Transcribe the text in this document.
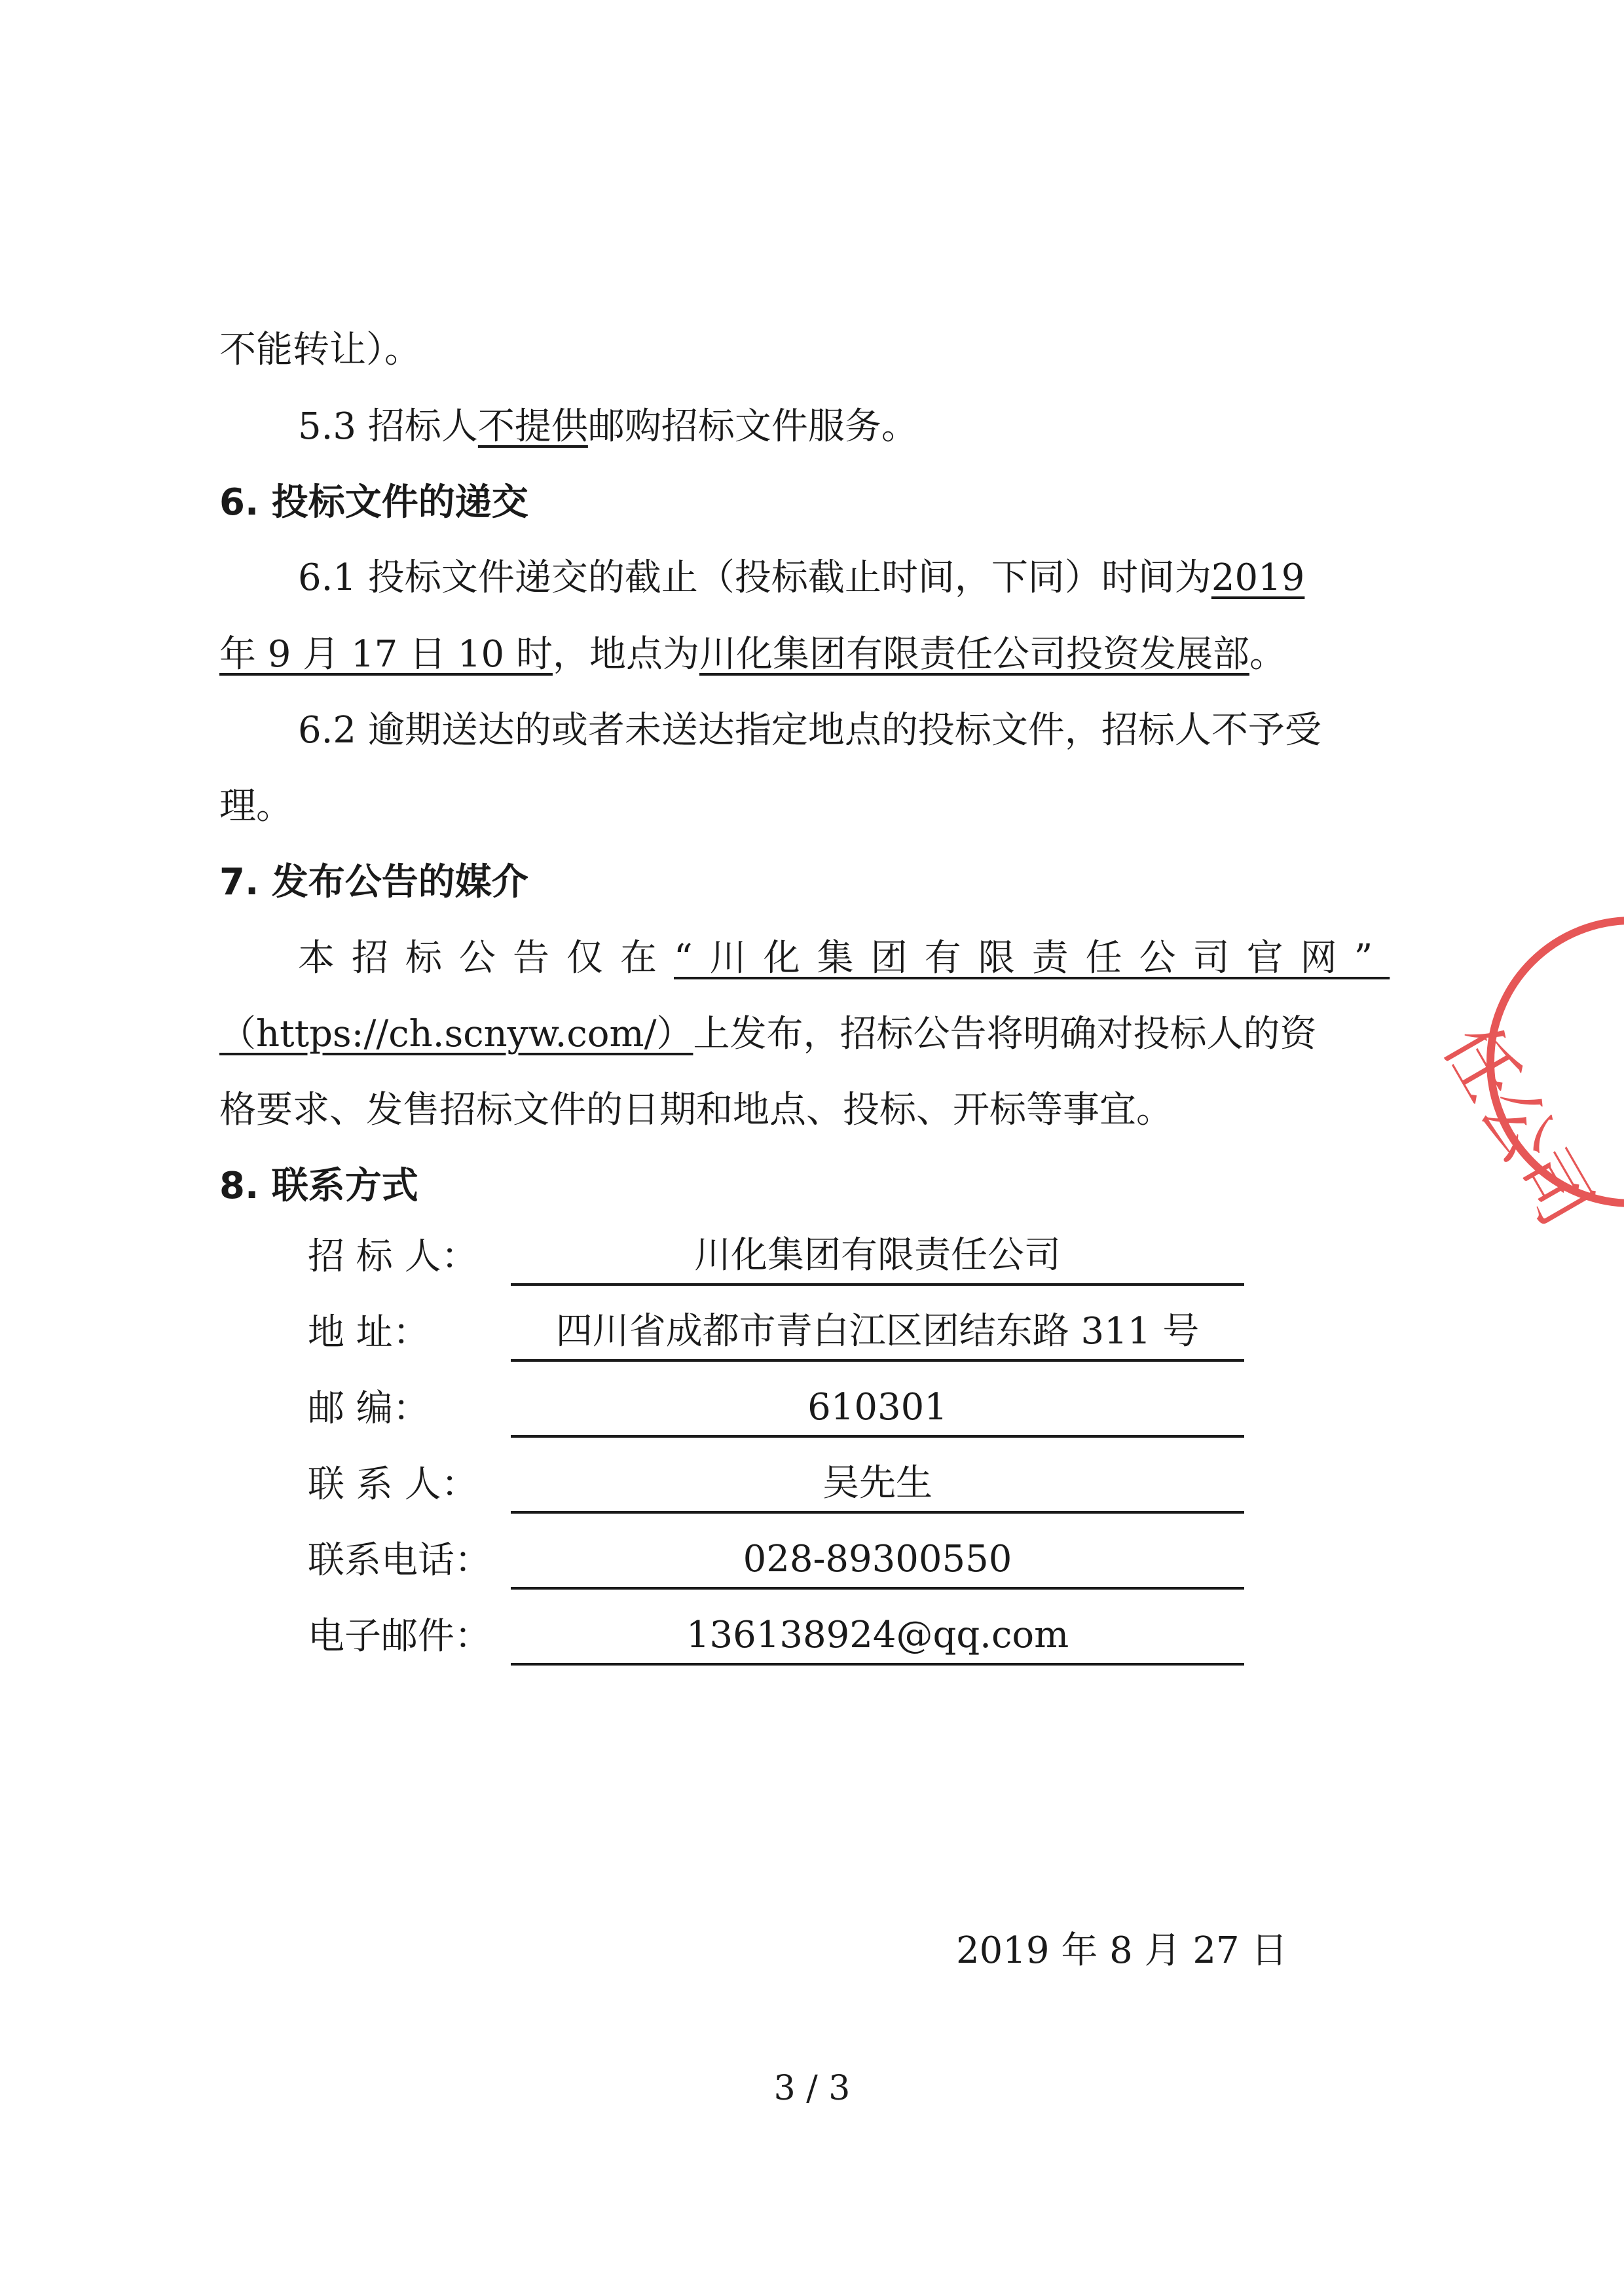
不能转让）。
5.3 招标人不提供邮购招标文件服务。
6. 投标文件的递交
6.1 投标文件递交的截止（投标截止时间，下同）时间为2019
年 9 月 17 日 10 时，地点为川化集团有限责任公司投资发展部。
6.2 逾期送达的或者未送达指定地点的投标文件，招标人不予受
理。
7. 发布公告的媒介
本招标公告仅在“川化集团有限责任公司官网”
（https://ch.scnyw.com/）上发布，招标公告将明确对投标人的资
格要求、发售招标文件的日期和地点、投标、开标等事宜。
8. 联系方式
招 标 人：	川化集团有限责任公司
地 址：	四川省成都市青白江区团结东路 311 号
邮 编：	610301
联 系 人：	吴先生
联系电话：	028-89300550
电子邮件：	136138924@qq.com
2019 年 8 月 27 日
3 / 3
任公司
